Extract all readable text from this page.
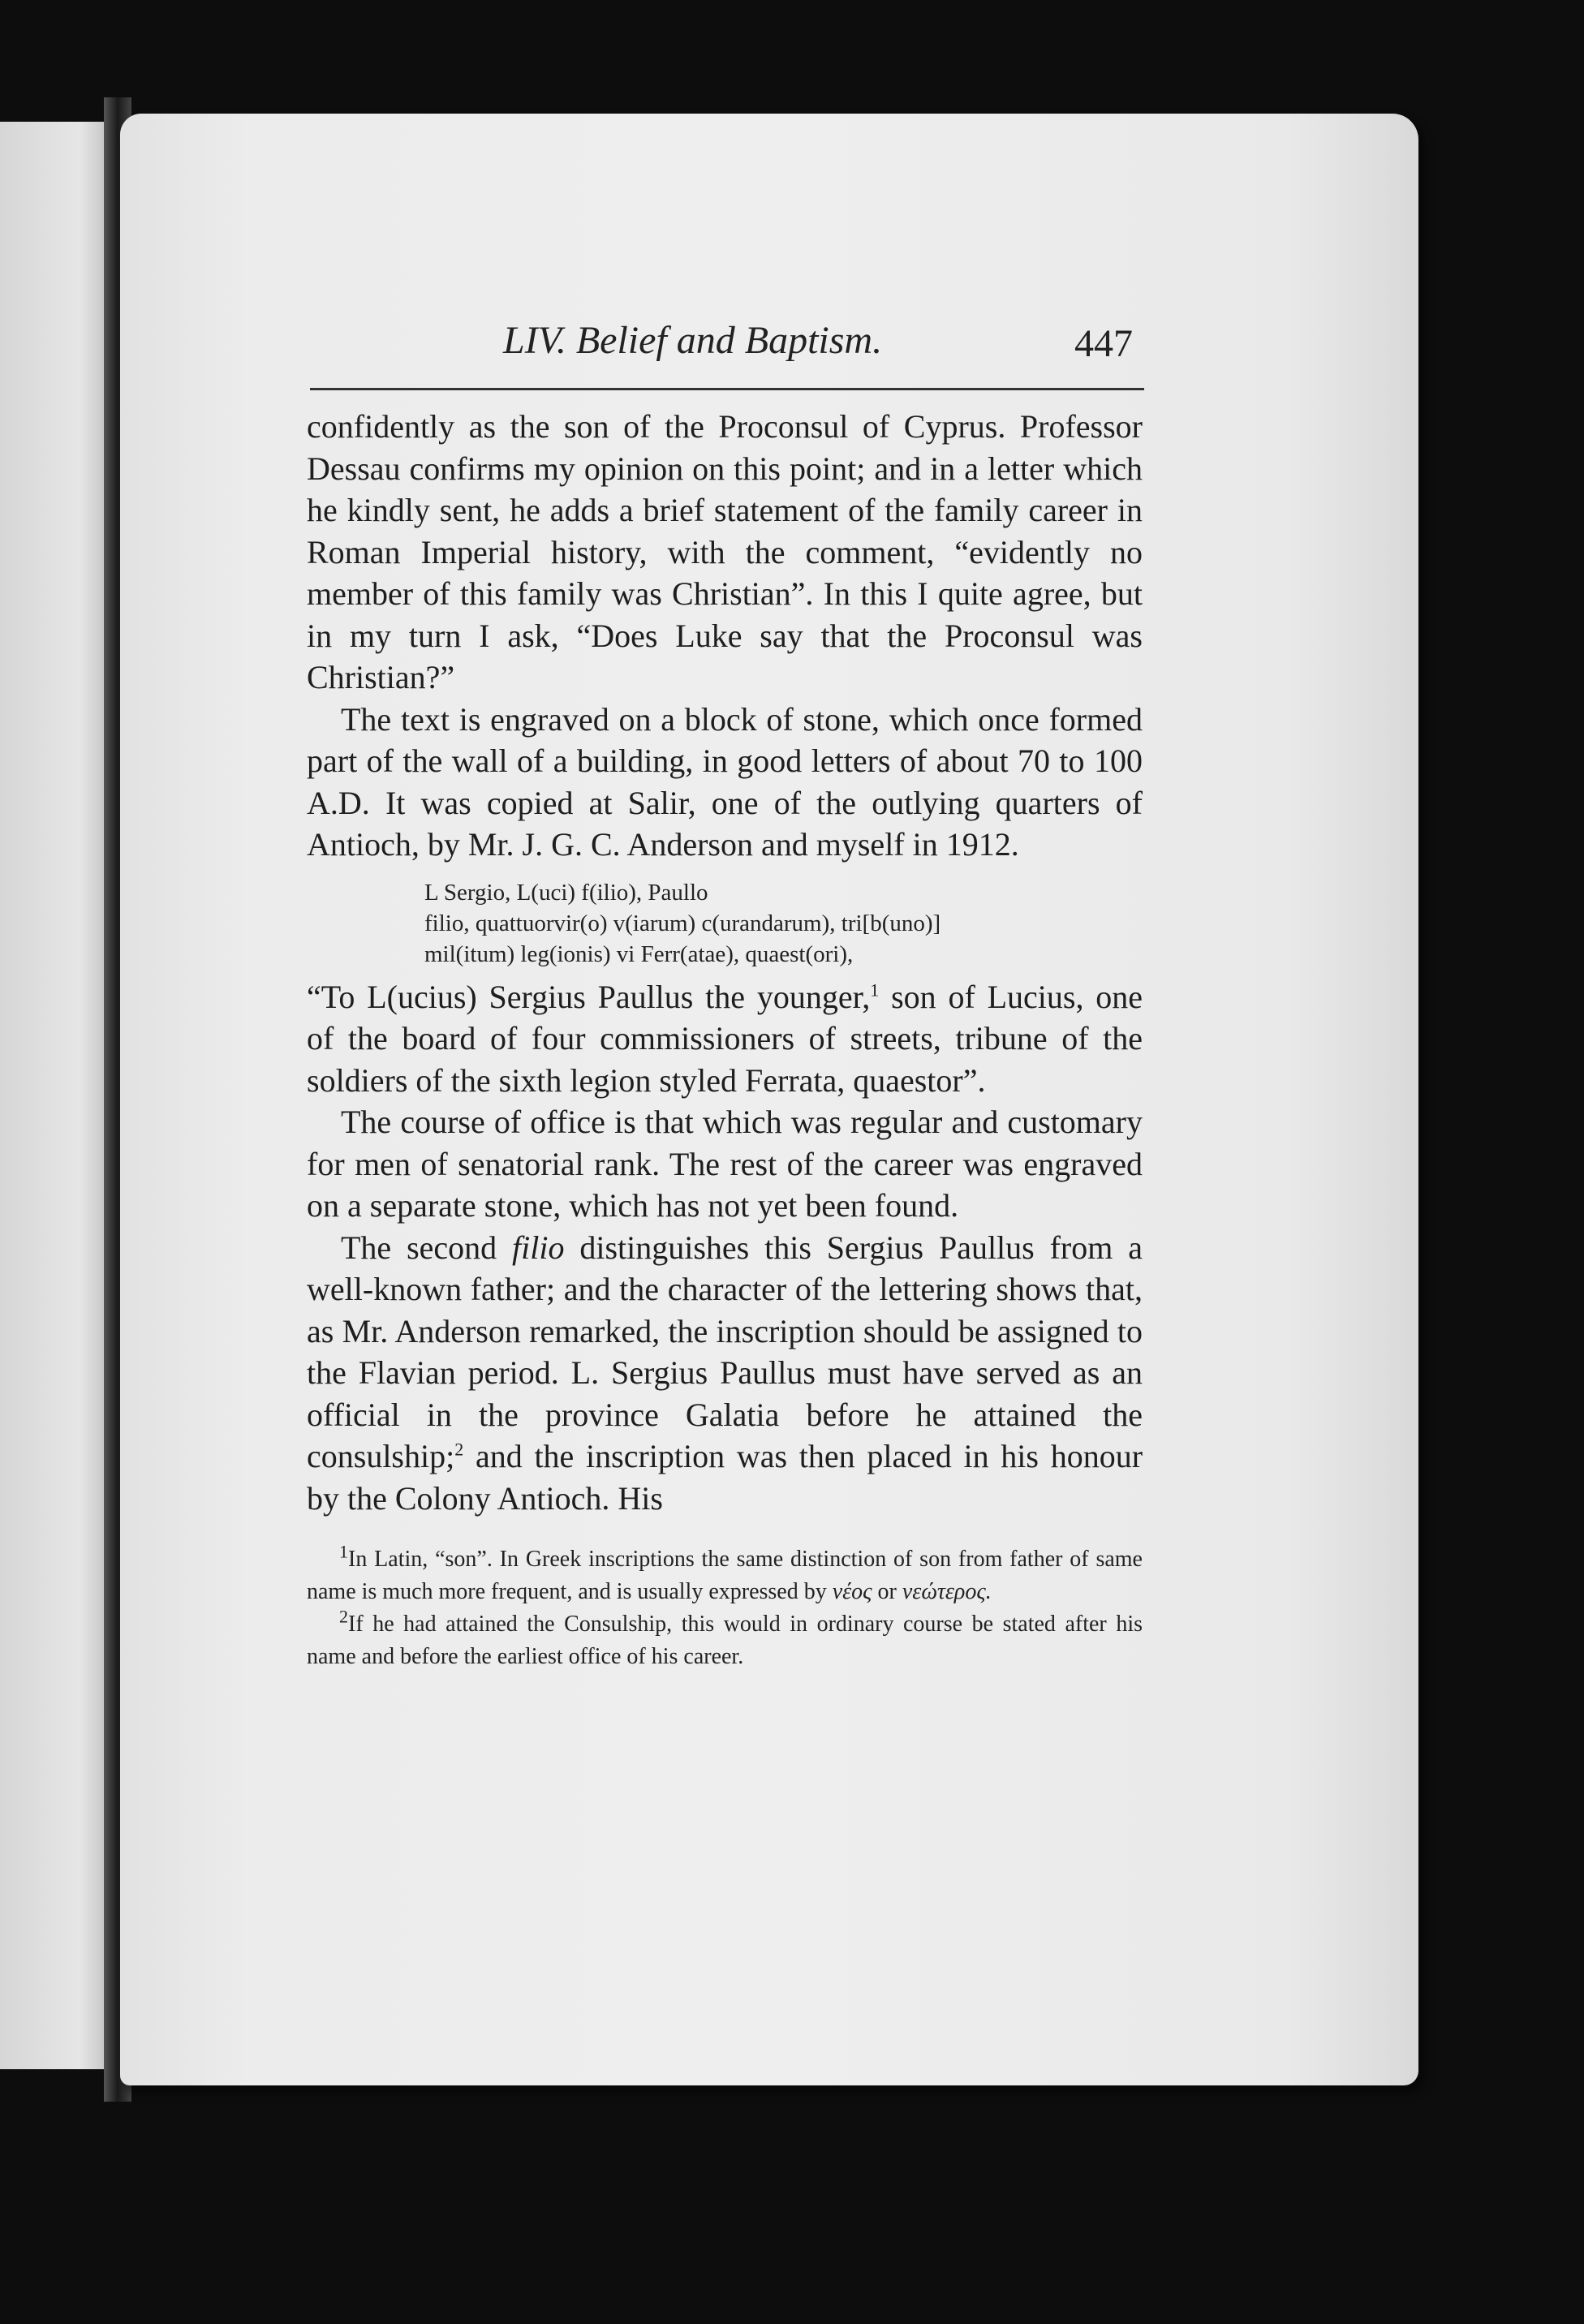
LIV. Belief and Baptism.	447

confidently as the son of the Proconsul of Cyprus. Professor Dessau confirms my opinion on this point; and in a letter which he kindly sent, he adds a brief statement of the family career in Roman Imperial history, with the comment, “evidently no member of this family was Christian”. In this I quite agree, but in my turn I ask, “Does Luke say that the Proconsul was Christian?”

The text is engraved on a block of stone, which once formed part of the wall of a building, in good letters of about 70 to 100 A.D. It was copied at Salir, one of the outlying quarters of Antioch, by Mr. J. G. C. Anderson and myself in 1912.

L Sergio, L(uci) f(ilio), Paullo
filio, quattuorvir(o) v(iarum) c(urandarum), tri[b(uno)]
mil(itum) leg(ionis) vi Ferr(atae), quaest(ori),

“To L(ucius) Sergius Paullus the younger,$^1$ son of Lucius, one of the board of four commissioners of streets, tribune of the soldiers of the sixth legion styled Ferrata, quaestor”.

The course of office is that which was regular and customary for men of senatorial rank. The rest of the career was engraved on a separate stone, which has not yet been found.

The second filio distinguishes this Sergius Paullus from a well-known father; and the character of the lettering shows that, as Mr. Anderson remarked, the inscription should be assigned to the Flavian period. L. Sergius Paullus must have served as an official in the province Galatia before he attained the consulship;$^2$ and the inscription was then placed in his honour by the Colony Antioch. His

$^1$In Latin, “son”. In Greek inscriptions the same distinction of son from father of same name is much more frequent, and is usually expressed by νέος or νεώτερος.

$^2$If he had attained the Consulship, this would in ordinary course be stated after his name and before the earliest office of his career.
